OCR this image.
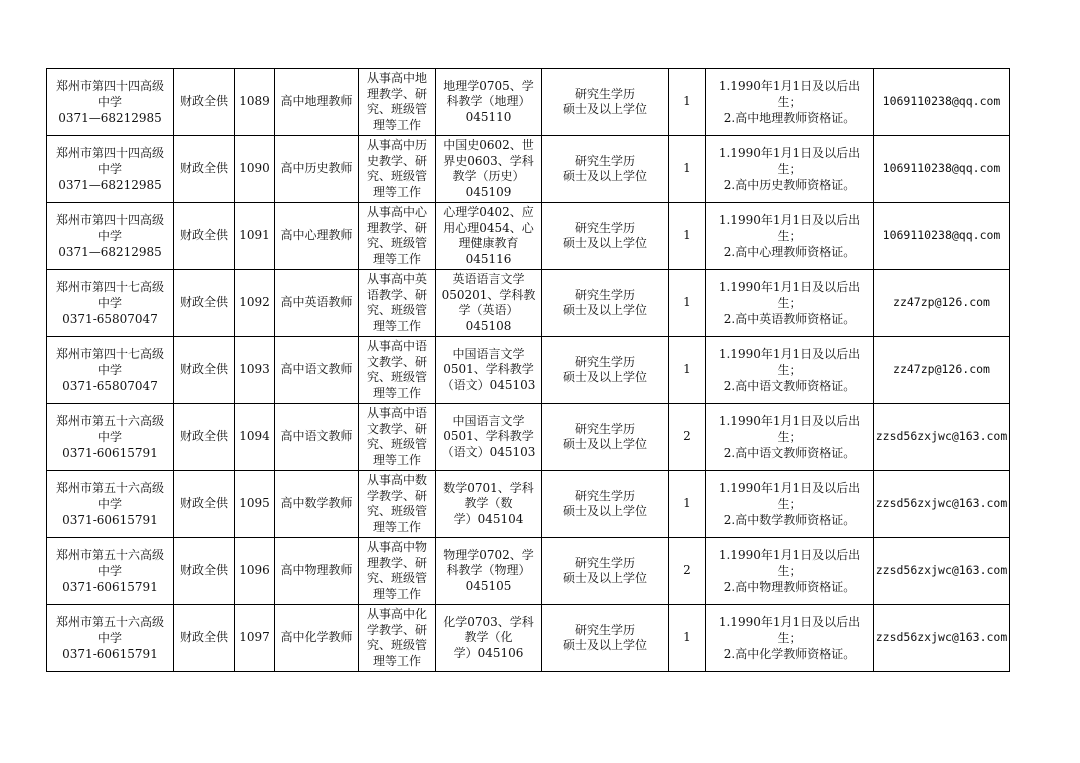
郑州市第四十四高级
中学
0371—68212985	财政全供	1089	高中地理教师	从事高中地
理教学、研
究、班级管
理等工作	地理学0705、学
科教学（地理）
045110	研究生学历
硕士及以上学位	1	1.1990年1月1日及以后出
生；
2.高中地理教师资格证。	1069110238@qq.com

郑州市第四十四高级
中学
0371—68212985	财政全供	1090	高中历史教师	从事高中历
史教学、研
究、班级管
理等工作	中国史0602、世
界史0603、学科
教学（历史）
045109	研究生学历
硕士及以上学位	1	1.1990年1月1日及以后出
生；
2.高中历史教师资格证。	1069110238@qq.com

郑州市第四十四高级
中学
0371—68212985	财政全供	1091	高中心理教师	从事高中心
理教学、研
究、班级管
理等工作	心理学0402、应
用心理0454、心
理健康教育
045116	研究生学历
硕士及以上学位	1	1.1990年1月1日及以后出
生；
2.高中心理教师资格证。	1069110238@qq.com

郑州市第四十七高级
中学
0371-65807047	财政全供	1092	高中英语教师	从事高中英
语教学、研
究、班级管
理等工作	英语语言文学
050201、学科教
学（英语）
045108	研究生学历
硕士及以上学位	1	1.1990年1月1日及以后出
生；
2.高中英语教师资格证。	zz47zp@126.com

郑州市第四十七高级
中学
0371-65807047	财政全供	1093	高中语文教师	从事高中语
文教学、研
究、班级管
理等工作	中国语言文学
0501、学科教学
（语文）045103	研究生学历
硕士及以上学位	1	1.1990年1月1日及以后出
生；
2.高中语文教师资格证。	zz47zp@126.com

郑州市第五十六高级
中学
0371-60615791	财政全供	1094	高中语文教师	从事高中语
文教学、研
究、班级管
理等工作	中国语言文学
0501、学科教学
（语文）045103	研究生学历
硕士及以上学位	2	1.1990年1月1日及以后出
生；
2.高中语文教师资格证。	zzsd56zxjwc@163.com

郑州市第五十六高级
中学
0371-60615791	财政全供	1095	高中数学教师	从事高中数
学教学、研
究、班级管
理等工作	数学0701、学科
教学（数
学）045104	研究生学历
硕士及以上学位	1	1.1990年1月1日及以后出
生；
2.高中数学教师资格证。	zzsd56zxjwc@163.com

郑州市第五十六高级
中学
0371-60615791	财政全供	1096	高中物理教师	从事高中物
理教学、研
究、班级管
理等工作	物理学0702、学
科教学（物理）
045105	研究生学历
硕士及以上学位	2	1.1990年1月1日及以后出
生；
2.高中物理教师资格证。	zzsd56zxjwc@163.com

郑州市第五十六高级
中学
0371-60615791	财政全供	1097	高中化学教师	从事高中化
学教学、研
究、班级管
理等工作	化学0703、学科
教学（化
学）045106	研究生学历
硕士及以上学位	1	1.1990年1月1日及以后出
生；
2.高中化学教师资格证。	zzsd56zxjwc@163.com
